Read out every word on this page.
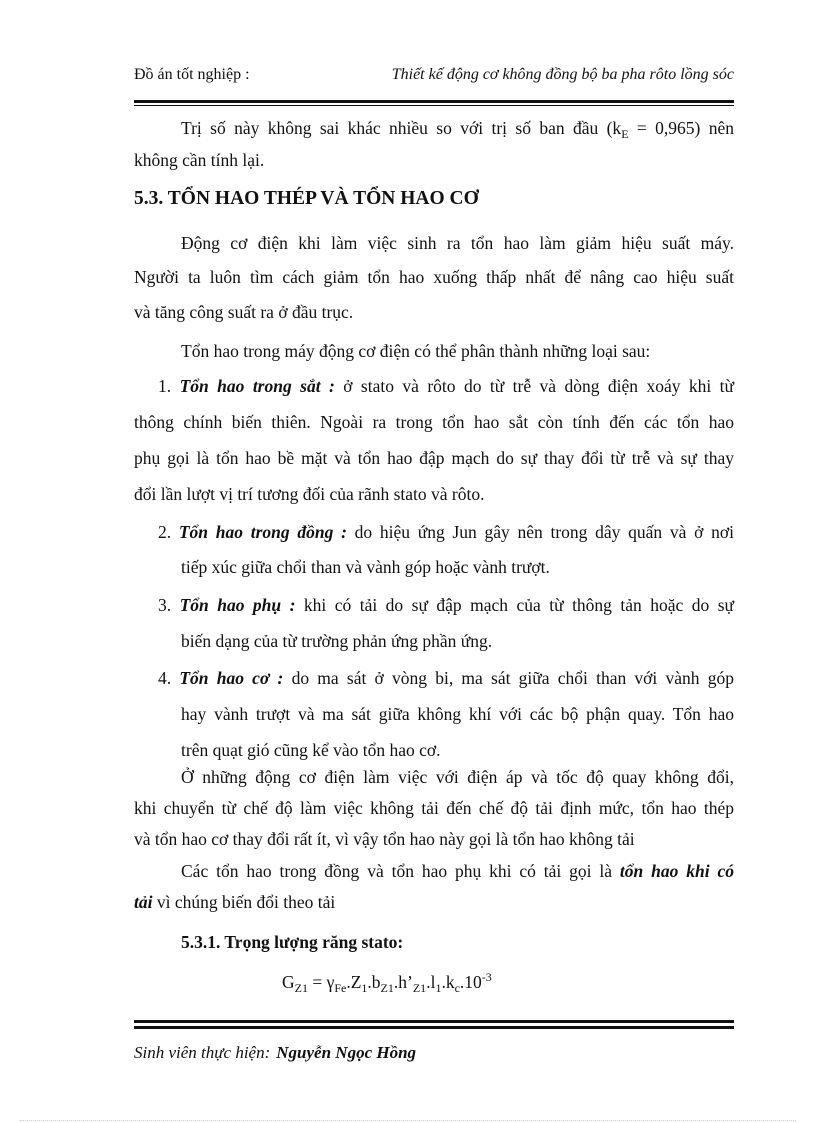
Đồ án tốt nghiệp :	Thiết kế động cơ không đồng bộ ba pha rôto lồng sóc
Trị số này không sai khác nhiều so với trị số ban đầu $(k_E = 0,965)$ nên
không cần tính lại.
5.3. TỔN HAO THÉP VÀ TỔN HAO CƠ
Động cơ điện khi làm việc sinh ra tổn hao làm giảm hiệu suất máy.
Người ta luôn tìm cách giảm tổn hao xuống thấp nhất để nâng cao hiệu suất
và tăng công suất ra ở đầu trục.
Tổn hao trong máy động cơ điện có thể phân thành những loại sau:
1. Tổn hao trong sắt : ở stato và rôto do từ trễ và dòng điện xoáy khi từ
thông chính biến thiên. Ngoài ra trong tổn hao sắt còn tính đến các tổn hao
phụ gọi là tổn hao bề mặt và tổn hao đập mạch do sự thay đổi từ trễ và sự thay
đổi lần lượt vị trí tương đối của rãnh stato và rôto.
2. Tổn hao trong đồng : do hiệu ứng Jun gây nên trong dây quấn và ở nơi
tiếp xúc giữa chổi than và vành góp hoặc vành trượt.
3. Tổn hao phụ : khi có tải do sự đập mạch của từ thông tản hoặc do sự
biến dạng của từ trường phản ứng phần ứng.
4. Tổn hao cơ : do ma sát ở vòng bi, ma sát giữa chổi than với vành góp
hay vành trượt và ma sát giữa không khí với các bộ phận quay. Tổn hao
trên quạt gió cũng kể vào tổn hao cơ.
Ở những động cơ điện làm việc với điện áp và tốc độ quay không đổi,
khi chuyển từ chế độ làm việc không tải đến chế độ tải định mức, tổn hao thép
và tổn hao cơ thay đổi rất ít, vì vậy tổn hao này gọi là tổn hao không tải
Các tổn hao trong đồng và tổn hao phụ khi có tải gọi là tổn hao khi có
tải vì chúng biến đổi theo tải
5.3.1. Trọng lượng răng stato:
$G_{Z1}$ = $\gamma_{Fe}.Z_1.b_{Z1}.h’_{Z1}.l_1.k_c.10^{-3}$
Sinh viên thực hiện: Nguyễn Ngọc Hồng
